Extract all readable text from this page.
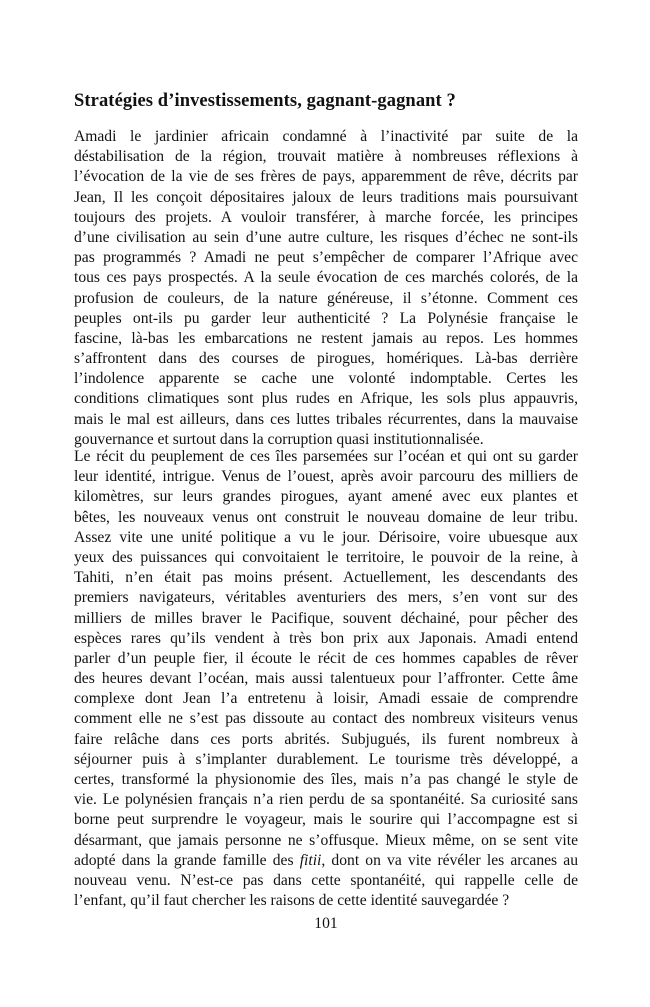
Stratégies d’investissements, gagnant-gagnant ?
Amadi le jardinier africain condamné à l’inactivité par suite de la
déstabilisation de la région, trouvait matière à nombreuses réflexions à
l’évocation de la vie de ses frères de pays, apparemment de rêve, décrits par
Jean, Il les conçoit dépositaires jaloux de leurs traditions mais poursuivant
toujours des projets. A vouloir transférer, à marche forcée, les principes
d’une civilisation au sein d’une autre culture, les risques d’échec ne sont-ils
pas programmés ? Amadi ne peut s’empêcher de comparer l’Afrique avec
tous ces pays prospectés. A la seule évocation de ces marchés colorés, de la
profusion de couleurs, de la nature généreuse, il s’étonne. Comment ces
peuples ont-ils pu garder leur authenticité ? La Polynésie française le
fascine, là-bas les embarcations ne restent jamais au repos. Les hommes
s’affrontent dans des courses de pirogues, homériques. Là-bas derrière
l’indolence apparente se cache une volonté indomptable. Certes les
conditions climatiques sont plus rudes en Afrique, les sols plus appauvris,
mais le mal est ailleurs, dans ces luttes tribales récurrentes, dans la mauvaise
gouvernance et surtout dans la corruption quasi institutionnalisée.
Le récit du peuplement de ces îles parsemées sur l’océan et qui ont su garder
leur identité, intrigue. Venus de l’ouest, après avoir parcouru des milliers de
kilomètres, sur leurs grandes pirogues, ayant amené avec eux plantes et
bêtes, les nouveaux venus ont construit le nouveau domaine de leur tribu.
Assez vite une unité politique a vu le jour. Dérisoire, voire ubuesque aux
yeux des puissances qui convoitaient le territoire, le pouvoir de la reine, à
Tahiti, n’en était pas moins présent. Actuellement, les descendants des
premiers navigateurs, véritables aventuriers des mers, s’en vont sur des
milliers de milles braver le Pacifique, souvent déchainé, pour pêcher des
espèces rares qu’ils vendent à très bon prix aux Japonais. Amadi entend
parler d’un peuple fier, il écoute le récit de ces hommes capables de rêver
des heures devant l’océan, mais aussi talentueux pour l’affronter. Cette âme
complexe dont Jean l’a entretenu à loisir, Amadi essaie de comprendre
comment elle ne s’est pas dissoute au contact des nombreux visiteurs venus
faire relâche dans ces ports abrités. Subjugués, ils furent nombreux à
séjourner puis à s’implanter durablement. Le tourisme très développé, a
certes, transformé la physionomie des îles, mais n’a pas changé le style de
vie. Le polynésien français n’a rien perdu de sa spontanéité. Sa curiosité sans
borne peut surprendre le voyageur, mais le sourire qui l’accompagne est si
désarmant, que jamais personne ne s’offusque. Mieux même, on se sent vite
adopté dans la grande famille des fitii, dont on va vite révéler les arcanes au
nouveau venu. N’est-ce pas dans cette spontanéité, qui rappelle celle de
l’enfant, qu’il faut chercher les raisons de cette identité sauvegardée ?
101
